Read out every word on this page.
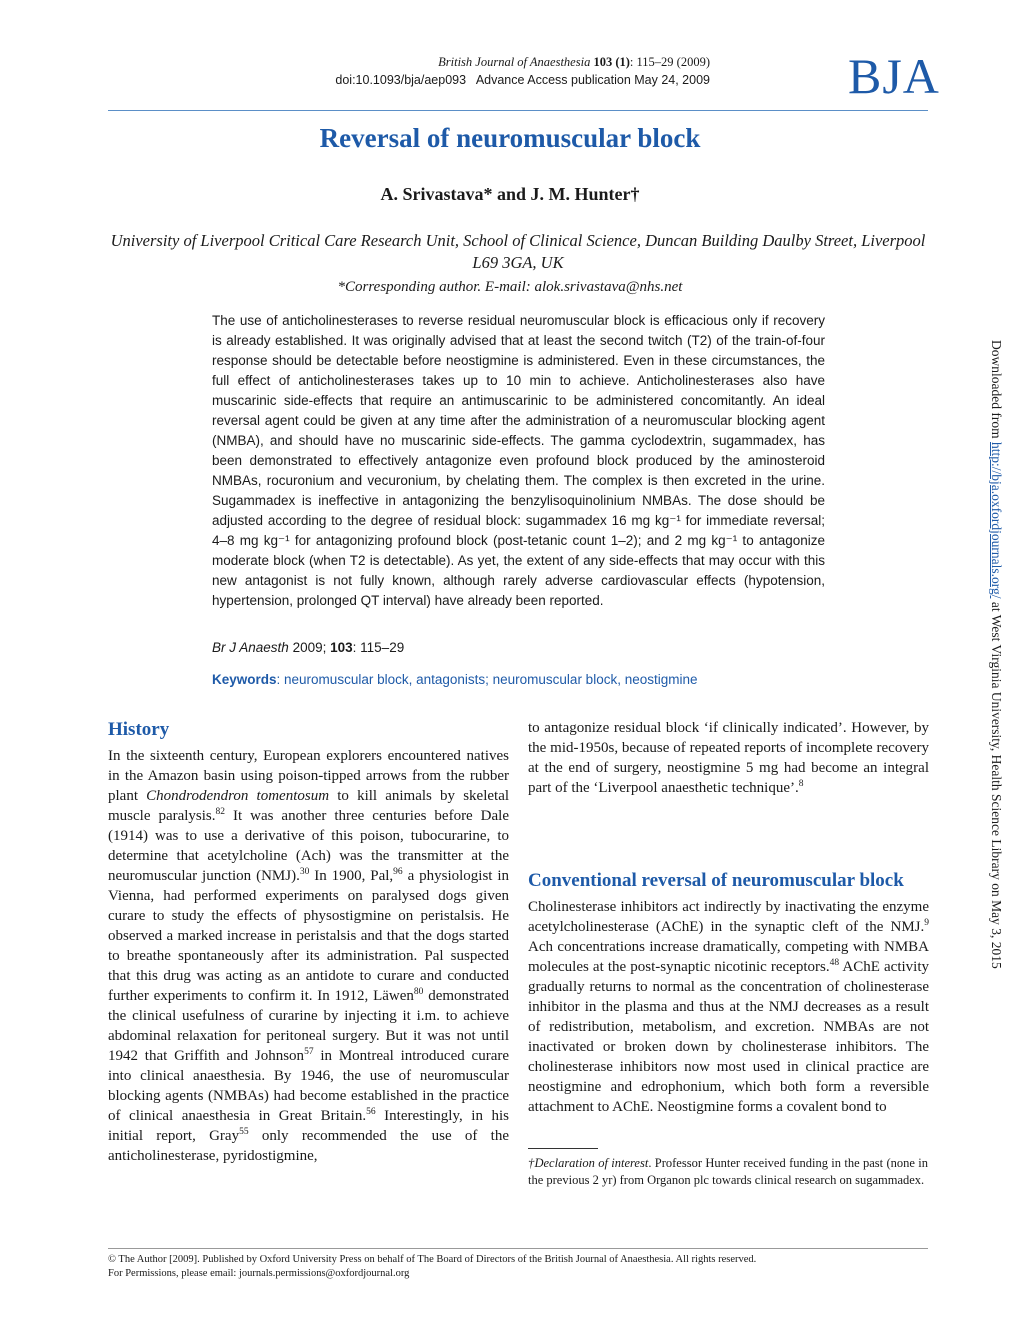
British Journal of Anaesthesia 103 (1): 115–29 (2009)
doi:10.1093/bja/aep093 Advance Access publication May 24, 2009	BJA
Reversal of neuromuscular block
A. Srivastava* and J. M. Hunter†
University of Liverpool Critical Care Research Unit, School of Clinical Science, Duncan Building Daulby Street, Liverpool L69 3GA, UK
*Corresponding author. E-mail: alok.srivastava@nhs.net
The use of anticholinesterases to reverse residual neuromuscular block is efficacious only if recovery is already established. It was originally advised that at least the second twitch (T2) of the train-of-four response should be detectable before neostigmine is administered. Even in these circumstances, the full effect of anticholinesterases takes up to 10 min to achieve. Anticholinesterases also have muscarinic side-effects that require an antimuscarinic to be administered concomitantly. An ideal reversal agent could be given at any time after the administration of a neuromuscular blocking agent (NMBA), and should have no muscarinic side-effects. The gamma cyclodextrin, sugammadex, has been demonstrated to effectively antagonize even profound block produced by the aminosteroid NMBAs, rocuronium and vecuronium, by chelating them. The complex is then excreted in the urine. Sugammadex is ineffective in antagonizing the benzylisoquinolinium NMBAs. The dose should be adjusted according to the degree of residual block: sugammadex 16 mg kg⁻¹ for immediate reversal; 4–8 mg kg⁻¹ for antagonizing profound block (post-tetanic count 1–2); and 2 mg kg⁻¹ to antagonize moderate block (when T2 is detectable). As yet, the extent of any side-effects that may occur with this new antagonist is not fully known, although rarely adverse cardiovascular effects (hypotension, hypertension, prolonged QT interval) have already been reported.
Br J Anaesth 2009; 103: 115–29
Keywords: neuromuscular block, antagonists; neuromuscular block, neostigmine
History
In the sixteenth century, European explorers encountered natives in the Amazon basin using poison-tipped arrows from the rubber plant Chondrodendron tomentosum to kill animals by skeletal muscle paralysis.$^{82}$ It was another three centuries before Dale (1914) was to use a derivative of this poison, tubocurarine, to determine that acetylcholine (Ach) was the transmitter at the neuromuscular junction (NMJ).$^{30}$ In 1900, Pal,$^{96}$ a physiologist in Vienna, had performed experiments on paralysed dogs given curare to study the effects of physostigmine on peristalsis. He observed a marked increase in peristalsis and that the dogs started to breathe spontaneously after its administration. Pal suspected that this drug was acting as an antidote to curare and conducted further experiments to confirm it. In 1912, Läwen$^{80}$ demonstrated the clinical usefulness of curarine by injecting it i.m. to achieve abdominal relaxation for peritoneal surgery. But it was not until 1942 that Griffith and Johnson$^{57}$ in Montreal introduced curare into clinical anaesthesia. By 1946, the use of neuromuscular blocking agents (NMBAs) had become established in the practice of clinical anaesthesia in Great Britain.$^{56}$ Interestingly, in his initial report, Gray$^{55}$ only recommended the use of the anticholinesterase, pyridostigmine,
to antagonize residual block ‘if clinically indicated’. However, by the mid-1950s, because of repeated reports of incomplete recovery at the end of surgery, neostigmine 5 mg had become an integral part of the ‘Liverpool anaesthetic technique’.$^8$
Conventional reversal of neuromuscular block
Cholinesterase inhibitors act indirectly by inactivating the enzyme acetylcholinesterase (AChE) in the synaptic cleft of the NMJ.$^9$ Ach concentrations increase dramatically, competing with NMBA molecules at the post-synaptic nicotinic receptors.$^{48}$ AChE activity gradually returns to normal as the concentration of cholinesterase inhibitor in the plasma and thus at the NMJ decreases as a result of redistribution, metabolism, and excretion. NMBAs are not inactivated or broken down by cholinesterase inhibitors. The cholinesterase inhibitors now most used in clinical practice are neostigmine and edrophonium, which both form a reversible attachment to AChE. Neostigmine forms a covalent bond to
†Declaration of interest. Professor Hunter received funding in the past (none in the previous 2 yr) from Organon plc towards clinical research on sugammadex.
© The Author [2009]. Published by Oxford University Press on behalf of The Board of Directors of the British Journal of Anaesthesia. All rights reserved.
For Permissions, please email: journals.permissions@oxfordjournal.org
Downloaded from http://bja.oxfordjournals.org/ at West Virginia University, Health Science Library on May 3, 2015
